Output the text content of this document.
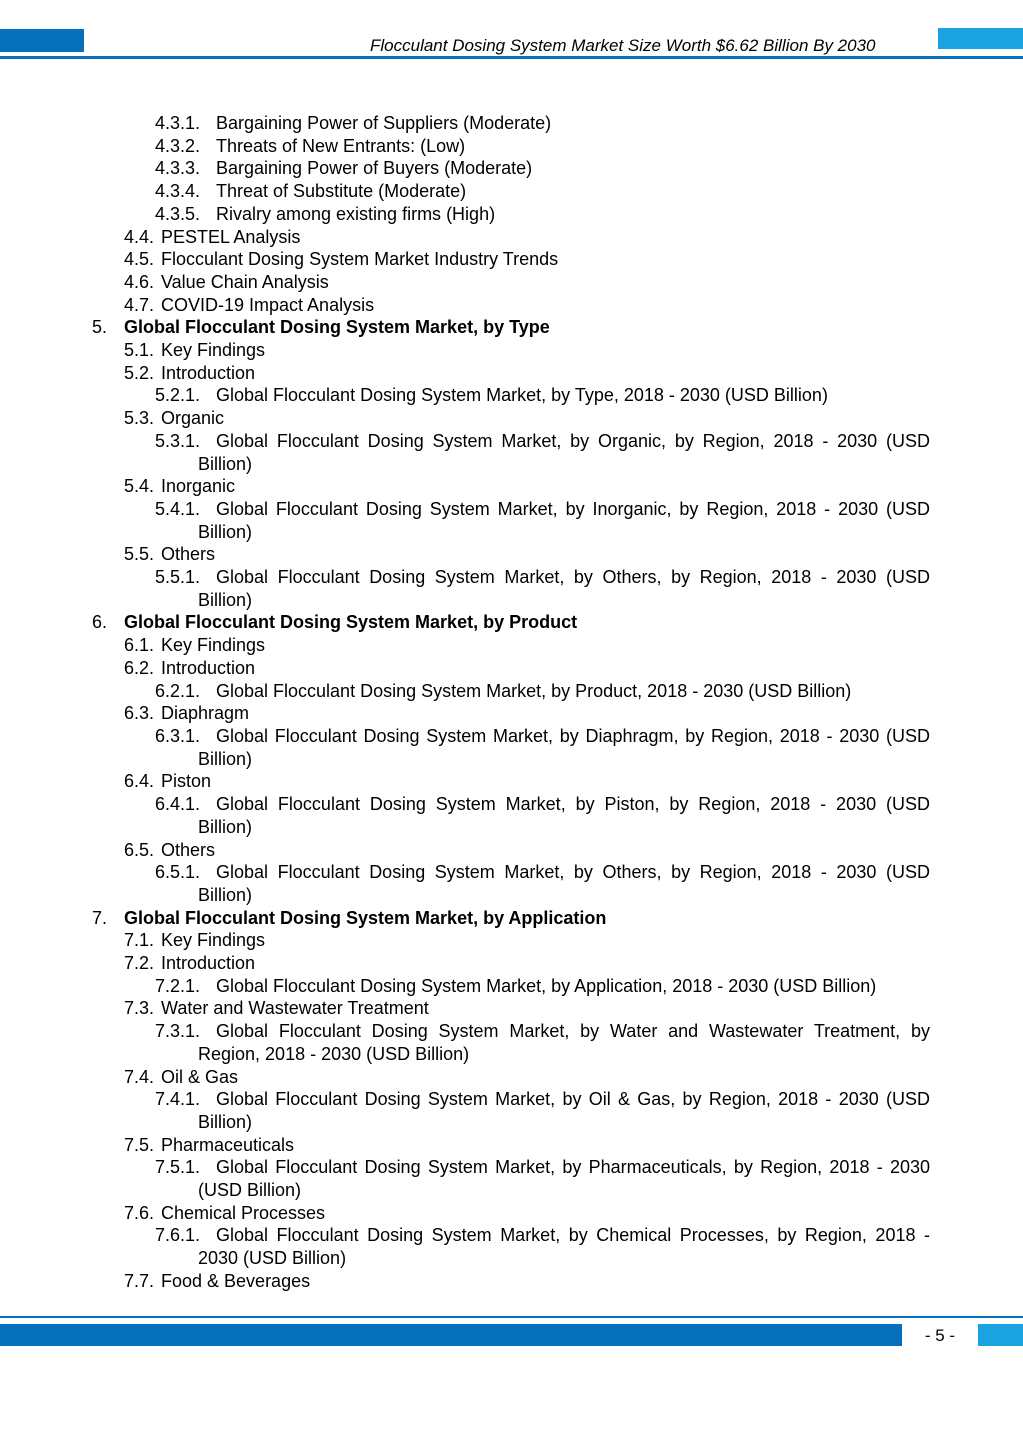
Flocculant Dosing System Market Size Worth $6.62 Billion By 2030
4.3.1. Bargaining Power of Suppliers (Moderate)
4.3.2. Threats of New Entrants: (Low)
4.3.3. Bargaining Power of Buyers (Moderate)
4.3.4. Threat of Substitute (Moderate)
4.3.5. Rivalry among existing firms (High)
4.4. PESTEL Analysis
4.5. Flocculant Dosing System Market Industry Trends
4.6. Value Chain Analysis
4.7. COVID-19 Impact Analysis
5. Global Flocculant Dosing System Market, by Type
5.1. Key Findings
5.2. Introduction
5.2.1. Global Flocculant Dosing System Market, by Type, 2018 - 2030 (USD Billion)
5.3. Organic
5.3.1. Global Flocculant Dosing System Market, by Organic, by Region, 2018 - 2030 (USD Billion)
5.4. Inorganic
5.4.1. Global Flocculant Dosing System Market, by Inorganic, by Region, 2018 - 2030 (USD Billion)
5.5. Others
5.5.1. Global Flocculant Dosing System Market, by Others, by Region, 2018 - 2030 (USD Billion)
6. Global Flocculant Dosing System Market, by Product
6.1. Key Findings
6.2. Introduction
6.2.1. Global Flocculant Dosing System Market, by Product, 2018 - 2030 (USD Billion)
6.3. Diaphragm
6.3.1. Global Flocculant Dosing System Market, by Diaphragm, by Region, 2018 - 2030 (USD Billion)
6.4. Piston
6.4.1. Global Flocculant Dosing System Market, by Piston, by Region, 2018 - 2030 (USD Billion)
6.5. Others
6.5.1. Global Flocculant Dosing System Market, by Others, by Region, 2018 - 2030 (USD Billion)
7. Global Flocculant Dosing System Market, by Application
7.1. Key Findings
7.2. Introduction
7.2.1. Global Flocculant Dosing System Market, by Application, 2018 - 2030 (USD Billion)
7.3. Water and Wastewater Treatment
7.3.1. Global Flocculant Dosing System Market, by Water and Wastewater Treatment, by Region, 2018 - 2030 (USD Billion)
7.4. Oil & Gas
7.4.1. Global Flocculant Dosing System Market, by Oil & Gas, by Region, 2018 - 2030 (USD Billion)
7.5. Pharmaceuticals
7.5.1. Global Flocculant Dosing System Market, by Pharmaceuticals, by Region, 2018 - 2030 (USD Billion)
7.6. Chemical Processes
7.6.1. Global Flocculant Dosing System Market, by Chemical Processes, by Region, 2018 - 2030 (USD Billion)
7.7. Food & Beverages
- 5 -
